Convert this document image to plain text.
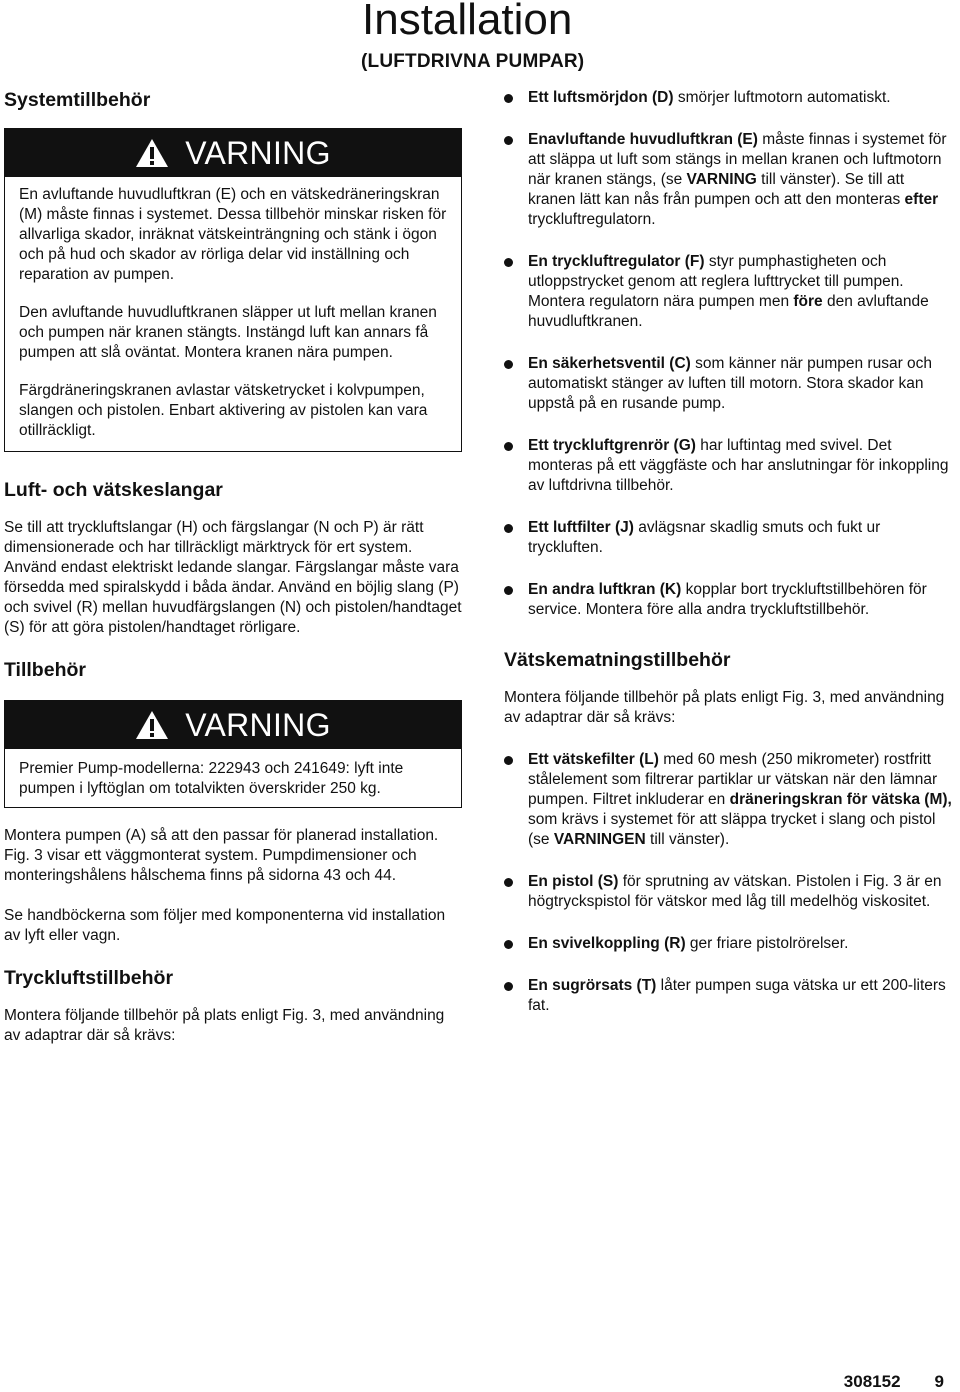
Installation
(LUFTDRIVNA PUMPAR)
Systemtillbehör
VARNING

En avluftande huvudluftkran (E) och en vätskedräneringskran (M) måste finnas i systemet. Dessa tillbehör minskar risken för allvarliga skador, inräknat vätskeinträngning och stänk i ögon och på hud och skador av rörliga delar vid inställning och reparation av pumpen.

Den avluftande huvudluftkranen släpper ut luft mellan kranen och pumpen när kranen stängts. Instängd luft kan annars få pumpen att slå oväntat. Montera kranen nära pumpen.

Färgdräneringskranen avlastar vätsketrycket i kolvpumpen, slangen och pistolen. Enbart aktivering av pistolen kan vara otillräckligt.

Luft- och vätskeslangar

Se till att tryckluftslangar (H) och färgslangar (N och P) är rätt dimensionerade och har tillräckligt märktryck för ert system. Använd endast elektriskt ledande slangar. Färgslangar måste vara försedda med spiralskydd i båda ändar. Använd en böjlig slang (P) och svivel (R) mellan huvudfärgslangen (N) och pistolen/handtaget (S) för att göra pistolen/handtaget rörligare.

Tillbehör
VARNING

Premier Pump-modellerna: 222943 och 241649: lyft inte pumpen i lyftöglan om totalvikten överskrider 250 kg.

Montera pumpen (A) så att den passar för planerad installation. Fig. 3 visar ett väggmonterat system. Pumpdimensioner och monteringshålens hålschema finns på sidorna 43 och 44.

Se handböckerna som följer med komponenterna vid installation av lyft eller vagn.

Tryckluftstillbehör

Montera följande tillbehör på plats enligt Fig. 3, med användning av adaptrar där så krävs:

Ett luftsmörjdon (D) smörjer luftmotorn automatiskt.

Enavluftande huvudluftkran (E) måste finnas i systemet för att släppa ut luft som stängs in mellan kranen och luftmotorn när kranen stängs, (se VARNING till vänster). Se till att kranen lätt kan nås från pumpen och att den monteras efter tryckluftregulatorn.

En tryckluftregulator (F) styr pumphastigheten och utloppstrycket genom att reglera lufttrycket till pumpen. Montera regulatorn nära pumpen men före den avluftande huvudluftkranen.

En säkerhetsventil (C) som känner när pumpen rusar och automatiskt stänger av luften till motorn. Stora skador kan uppstå på en rusande pump.

Ett tryckluftgrenrör (G) har luftintag med svivel. Det monteras på ett väggfäste och har anslutningar för inkoppling av luftdrivna tillbehör.

Ett luftfilter (J) avlägsnar skadlig smuts och fukt ur tryckluften.

En andra luftkran (K) kopplar bort tryckluftstillbehören för service. Montera före alla andra tryckluftstillbehör.

Vätskematningstillbehör

Montera följande tillbehör på plats enligt Fig. 3, med användning av adaptrar där så krävs:

Ett vätskefilter (L) med 60 mesh (250 mikrometer) rostfritt stålelement som filtrerar partiklar ur vätskan när den lämnar pumpen. Filtret inkluderar en dräneringskran för vätska (M), som krävs i systemet för att släppa trycket i slang och pistol (se VARNINGEN till vänster).

En pistol (S) för sprutning av vätskan. Pistolen i Fig. 3 är en högtryckspistol för vätskor med låg till medelhög viskositet.

En svivelkoppling (R) ger friare pistolrörelser.

En sugrörsats (T) låter pumpen suga vätska ur ett 200-liters fat.

308152 9
